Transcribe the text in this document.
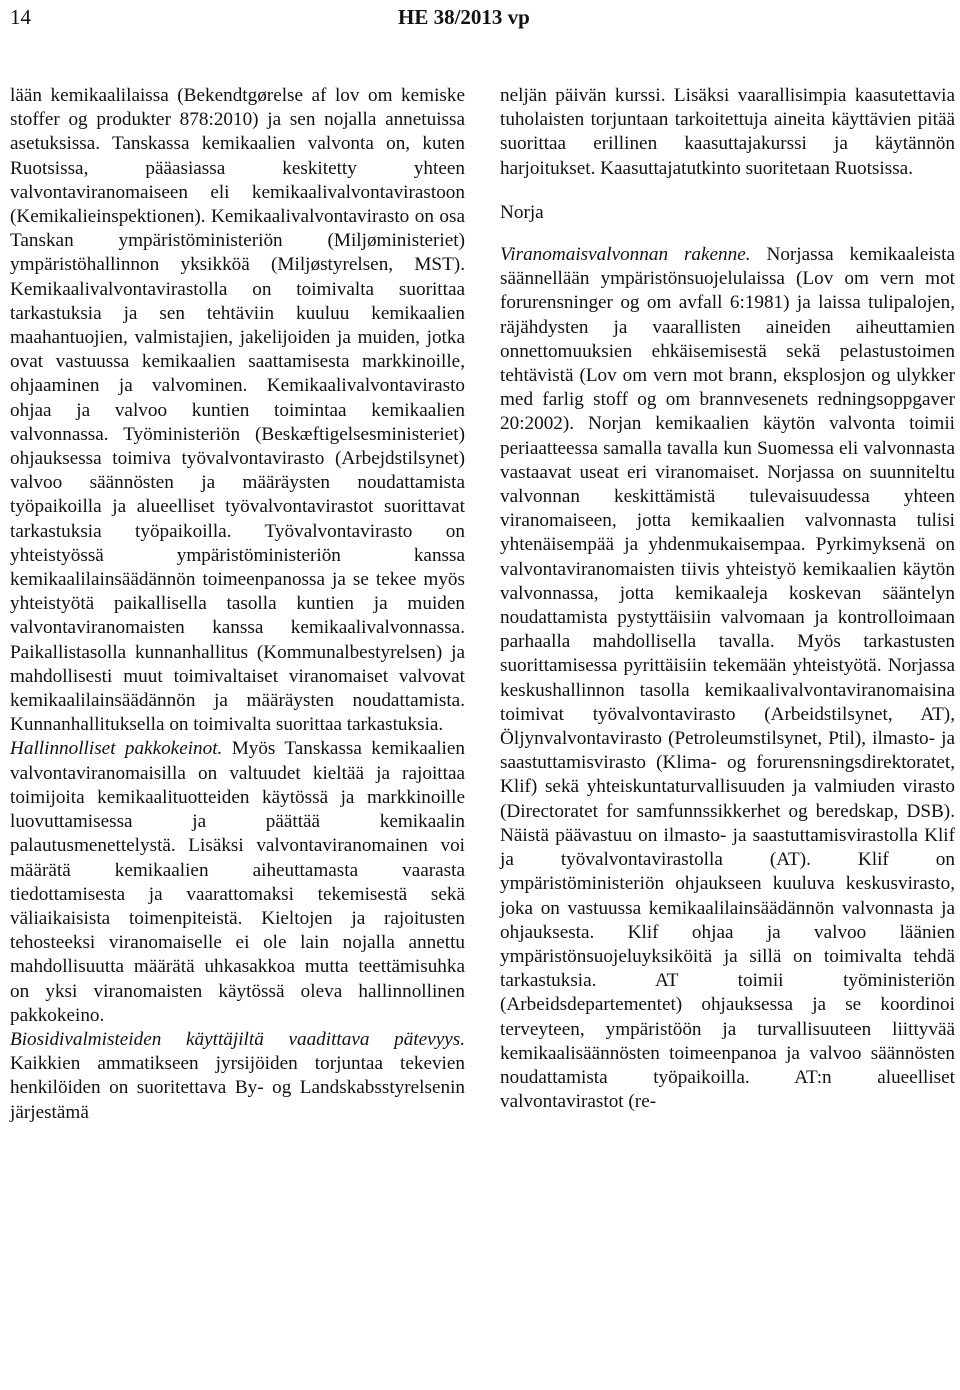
14	HE 38/2013 vp

lään kemikaalilaissa (Bekendtgørelse af lov om kemiske stoffer og produkter 878:2010) ja sen nojalla annetuissa asetuksissa. Tanskassa kemikaalien valvonta on, kuten Ruotsissa, pääasiassa keskitetty yhteen valvontaviranomaiseen eli kemikaalivalvontavirastoon (Kemikalieinspektionen). Kemikaalivalvontavirasto on osa Tanskan ympäristöministeriön (Miljøministeriet) ympäristöhallinnon yksikköä (Miljøstyrelsen, MST). Kemikaalivalvontavirastolla on toimivalta suorittaa tarkastuksia ja sen tehtäviin kuuluu kemikaalien maahantuojien, valmistajien, jakelijoiden ja muiden, jotka ovat vastuussa kemikaalien saattamisesta markkinoille, ohjaaminen ja valvominen. Kemikaalivalvontavirasto ohjaa ja valvoo kuntien toimintaa kemikaalien valvonnassa. Työministeriön (Beskæftigelsesministeriet) ohjauksessa toimiva työvalvontavirasto (Arbejdstilsynet) valvoo säännösten ja määräysten noudattamista työpaikoilla ja alueelliset työvalvontavirastot suorittavat tarkastuksia työpaikoilla. Työvalvontavirasto on yhteistyössä ympäristöministeriön kanssa kemikaalilainsäädännön toimeenpanossa ja se tekee myös yhteistyötä paikallisella tasolla kuntien ja muiden valvontaviranomaisten kanssa kemikaalivalvonnassa. Paikallistasolla kunnanhallitus (Kommunalbestyrelsen) ja mahdollisesti muut toimivaltaiset viranomaiset valvovat kemikaalilainsäädännön ja määräysten noudattamista. Kunnanhallituksella on toimivalta suorittaa tarkastuksia.

Hallinnolliset pakkokeinot. Myös Tanskassa kemikaalien valvontaviranomaisilla on valtuudet kieltää ja rajoittaa toimijoita kemikaalituotteiden käytössä ja markkinoille luovuttamisessa ja päättää kemikaalin palautusmenettelystä. Lisäksi valvontaviranomainen voi määrätä kemikaalien aiheuttamasta vaarasta tiedottamisesta ja vaarattomaksi tekemisestä sekä väliaikaisista toimenpiteistä. Kieltojen ja rajoitusten tehosteeksi viranomaiselle ei ole lain nojalla annettu mahdollisuutta määrätä uhkasakkoa mutta teettämisuhka on yksi viranomaisten käytössä oleva hallinnollinen pakkokeino.

Biosidivalmisteiden käyttäjiltä vaadittava pätevyys. Kaikkien ammatikseen jyrsijöiden torjuntaa tekevien henkilöiden on suoritettava By- og Landskabsstyrelsenin järjestämä

neljän päivän kurssi. Lisäksi vaarallisimpia kaasutettavia tuholaisten torjuntaan tarkoitettuja aineita käyttävien pitää suorittaa erillinen kaasuttajakurssi ja käytännön harjoitukset. Kaasuttajatutkinto suoritetaan Ruotsissa.

Norja

Viranomaisvalvonnan rakenne. Norjassa kemikaaleista säännellään ympäristönsuojelulaissa (Lov om vern mot forurensninger og om avfall 6:1981) ja laissa tulipalojen, räjähdysten ja vaarallisten aineiden aiheuttamien onnettomuuksien ehkäisemisestä sekä pelastustoimen tehtävistä (Lov om vern mot brann, eksplosjon og ulykker med farlig stoff og om brannvesenets redningsoppgaver 20:2002). Norjan kemikaalien käytön valvonta toimii periaatteessa samalla tavalla kun Suomessa eli valvonnasta vastaavat useat eri viranomaiset. Norjassa on suunniteltu valvonnan keskittämistä tulevaisuudessa yhteen viranomaiseen, jotta kemikaalien valvonnasta tulisi yhtenäisempää ja yhdenmukaisempaa. Pyrkimyksenä on valvontaviranomaisten tiivis yhteistyö kemikaalien käytön valvonnassa, jotta kemikaaleja koskevan sääntelyn noudattamista pystyttäisiin valvomaan ja kontrolloimaan parhaalla mahdollisella tavalla. Myös tarkastusten suorittamisessa pyrittäisiin tekemään yhteistyötä. Norjassa keskushallinnon tasolla kemikaalivalvontaviranomaisina toimivat työvalvontavirasto (Arbeidstilsynet, AT), Öljynvalvontavirasto (Petroleumstilsynet, Ptil), ilmasto- ja saastuttamisvirasto (Klima- og forurensningsdirektoratet, Klif) sekä yhteiskuntaturvallisuuden ja valmiuden virasto (Directoratet for samfunnssikkerhet og beredskap, DSB). Näistä päävastuu on ilmasto- ja saastuttamisvirastolla Klif ja työvalvontavirastolla (AT). Klif on ympäristöministeriön ohjaukseen kuuluva keskusvirasto, joka on vastuussa kemikaalilainsäädännön valvonnasta ja ohjauksesta. Klif ohjaa ja valvoo läänien ympäristönsuojeluyksiköitä ja sillä on toimivalta tehdä tarkastuksia. AT toimii työministeriön (Arbeidsdepartementet) ohjauksessa ja se koordinoi terveyteen, ympäristöön ja turvallisuuteen liittyvää kemikaalisäännösten toimeenpanoa ja valvoo säännösten noudattamista työpaikoilla. AT:n alueelliset valvontavirastot (re-
